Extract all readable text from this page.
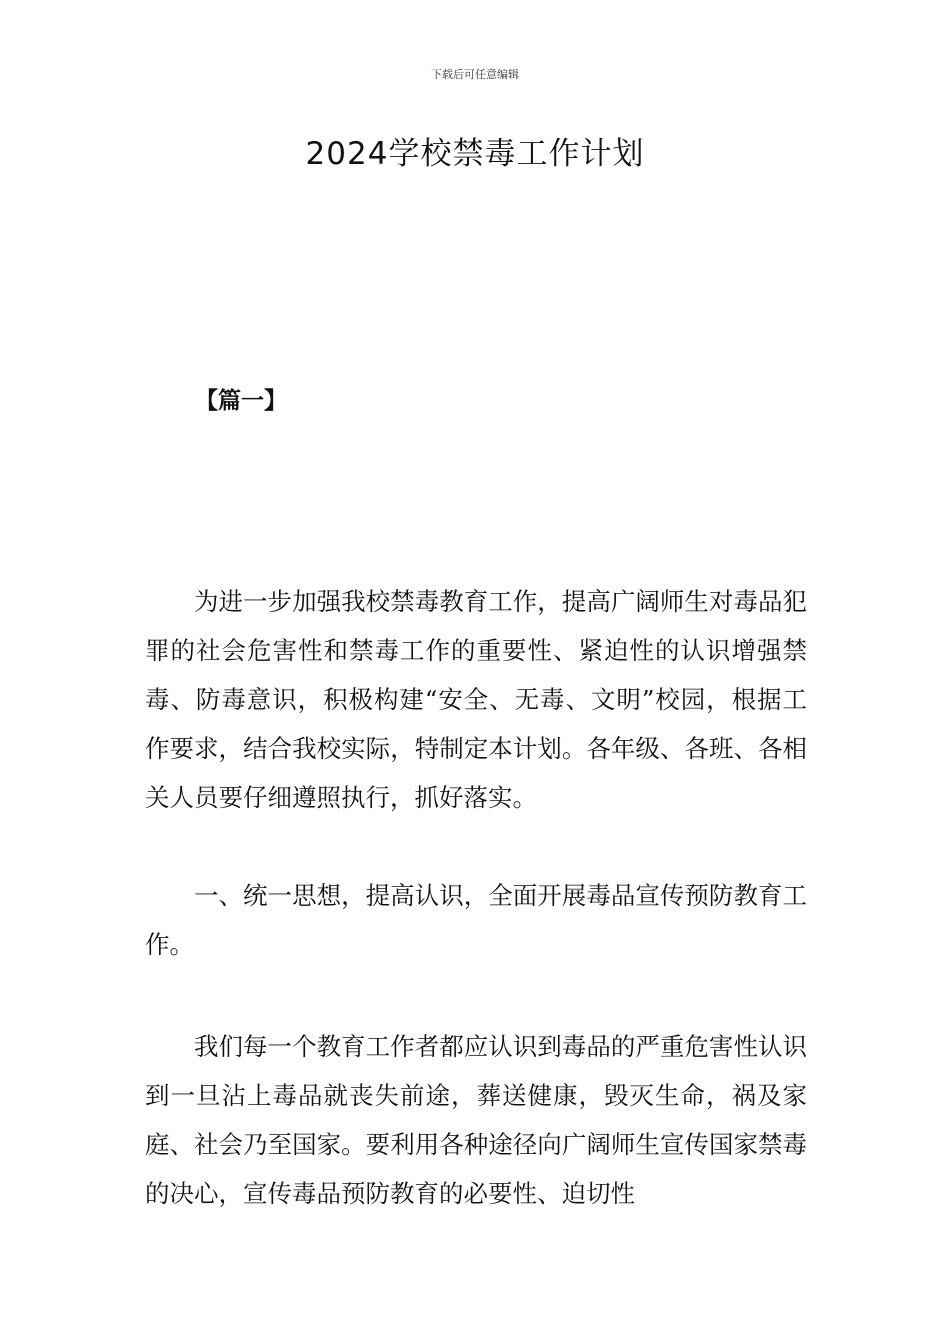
下载后可任意编辑
2024学校禁毒工作计划
【篇一】

为进一步加强我校禁毒教育工作，提高广阔师生对毒品犯罪的社会危害性和禁毒工作的重要性、紧迫性的认识增强禁毒、防毒意识，积极构建“安全、无毒、文明”校园，根据工作要求，结合我校实际，特制定本计划。各年级、各班、各相关人员要仔细遵照执行，抓好落实。

一、统一思想，提高认识，全面开展毒品宣传预防教育工作。

我们每一个教育工作者都应认识到毒品的严重危害性认识到一旦沾上毒品就丧失前途，葬送健康，毁灭生命，祸及家庭、社会乃至国家。要利用各种途径向广阔师生宣传国家禁毒的决心，宣传毒品预防教育的必要性、迫切性
